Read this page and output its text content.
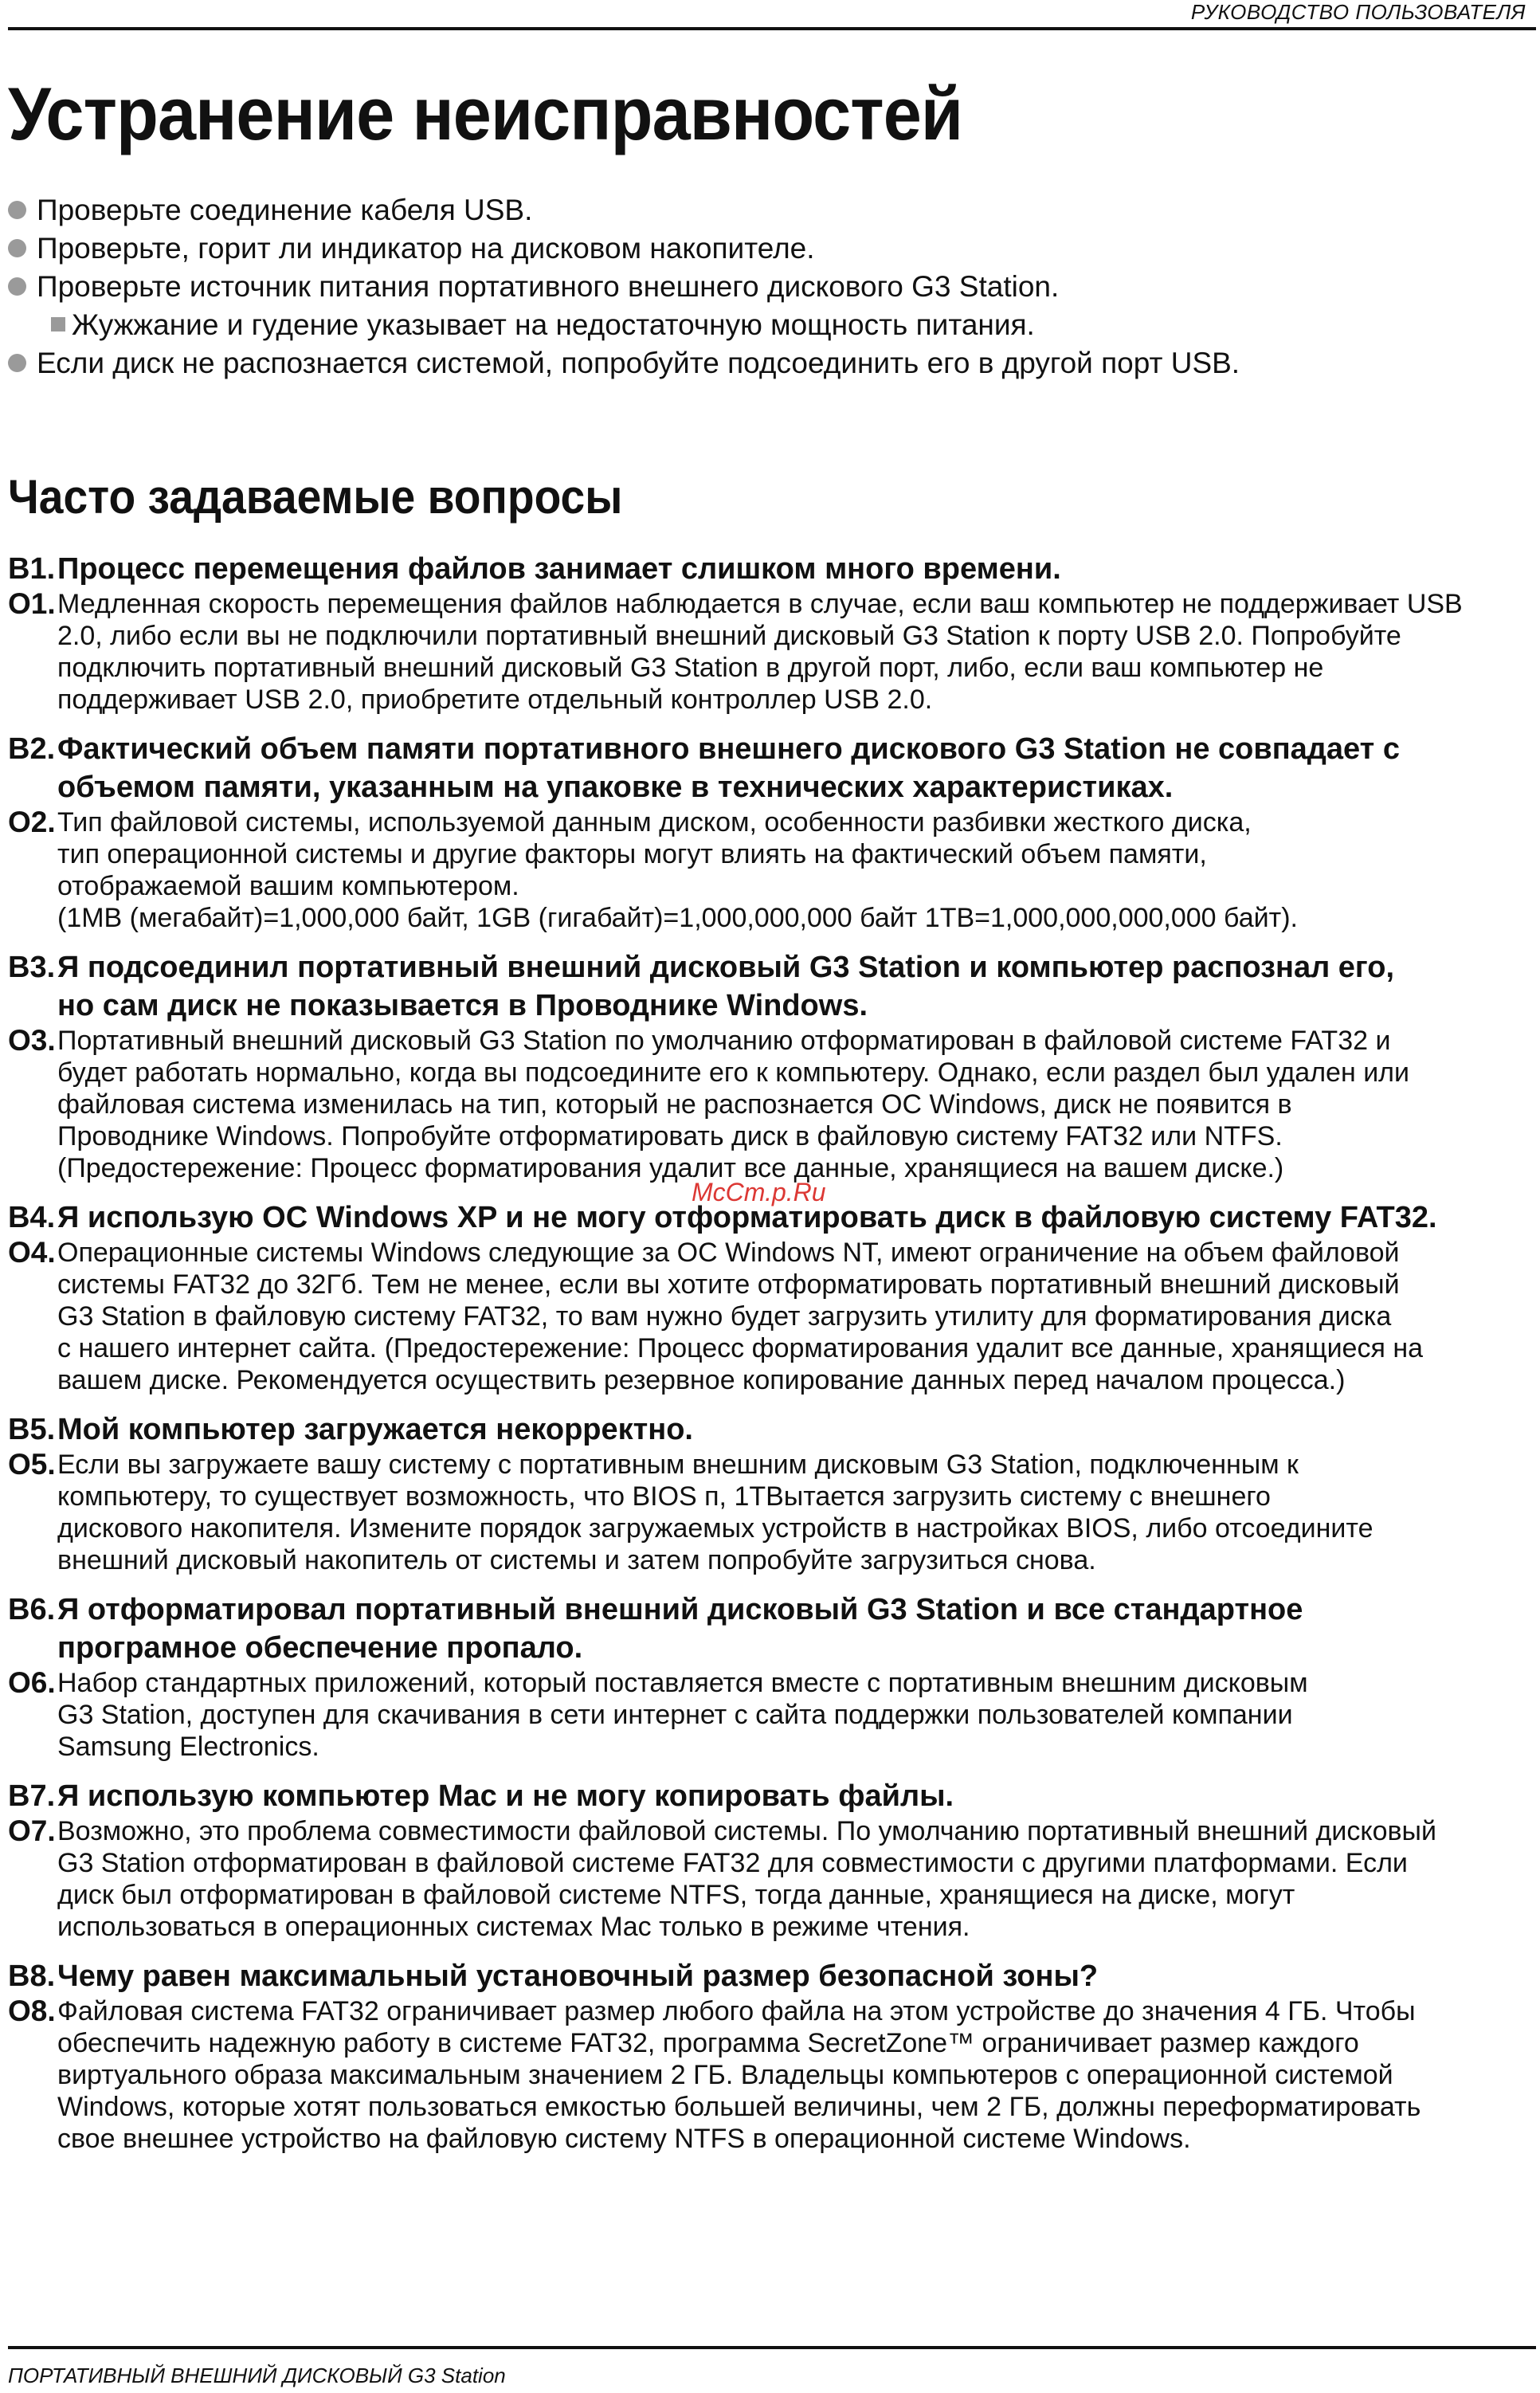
РУКОВОДСТВО ПОЛЬЗОВАТЕЛЯ
Устранение неисправностей
Проверьте соединение кабеля USB.
Проверьте, горит ли индикатор на дисковом накопителе.
Проверьте источник питания портативного внешнего дискового G3 Station.
Жужжание и гудение указывает на недостаточную мощность питания.
Если диск не распознается системой, попробуйте подсоединить его в другой порт USB.
Часто задаваемые вопросы
В1. Процесс перемещения файлов занимает слишком много времени.
О1. Медленная скорость перемещения файлов наблюдается в случае, если ваш компьютер не поддерживает USB
2.0, либо если вы не подключили портативный внешний дисковый G3 Station к порту USB 2.0. Попробуйте
подключить портативный внешний дисковый G3 Station в другой порт, либо, если ваш компьютер не
поддерживает USB 2.0, приобретите отдельный контроллер USB 2.0.
В2. Фактический объем памяти портативного внешнего дискового G3 Station не совпадает с
объемом памяти, указанным на упаковке в технических характеристиках.
О2. Тип файловой системы, используемой данным диском, особенности разбивки жесткого диска,
тип операционной системы и другие факторы могут влиять на фактический объем памяти,
отображаемой вашим компьютером.
(1MB (мегабайт)=1,000,000 байт, 1GB (гигабайт)=1,000,000,000 байт 1TB=1,000,000,000,000 байт).
В3. Я подсоединил портативный внешний дисковый G3 Station и компьютер распознал его,
но сам диск не показывается в Проводнике Windows.
О3. Портативный внешний дисковый G3 Station по умолчанию отформатирован в файловой системе FAT32 и
будет работать нормально, когда вы подсоедините его к компьютеру. Однако, если раздел был удален или
файловая система изменилась на тип, который не распознается ОС Windows, диск не появится в
Проводнике Windows. Попробуйте отформатировать диск в файловую систему FAT32 или NTFS.
(Предостережение: Процесс форматирования удалит все данные, хранящиеся на вашем диске.)
В4. Я использую ОС Windows XP и не могу отформатировать диск в файловую систему FAT32.
О4. Операционные системы Windows следующие за ОС Windows NT, имеют ограничение на объем файловой
системы FAT32 до 32Гб. Тем не менее, если вы хотите отформатировать портативный внешний дисковый
G3 Station в файловую систему FAT32, то вам нужно будет загрузить утилиту для форматирования диска
с нашего интернет сайта. (Предостережение: Процесс форматирования удалит все данные, хранящиеся на
вашем диске. Рекомендуется осуществить резервное копирование данных перед началом процесса.)
В5. Мой компьютер загружается некорректно.
О5. Если вы загружаете вашу систему с портативным внешним дисковым G3 Station, подключенным к
компьютеру, то существует возможность, что BIOS п, 1TBытается загрузить систему с внешнего
дискового накопителя. Измените порядок загружаемых устройств в настройках BIOS, либо отсоедините
внешний дисковый накопитель от системы и затем попробуйте загрузиться снова.
В6. Я отформатировал портативный внешний дисковый G3 Station и все стандартное
програмное обеспечение пропало.
О6. Набор стандартных приложений, который поставляется вместе с портативным внешним дисковым
G3 Station, доступен для скачивания в сети интернет с сайта поддержки пользователей компании
Samsung Electronics.
В7. Я использую компьютер Mac и не могу копировать файлы.
О7. Возможно, это проблема совместимости файловой системы. По умолчанию портативный внешний дисковый
G3 Station отформатирован в файловой системе FAT32 для совместимости с другими платформами. Если
диск был отформатирован в файловой системе NTFS, тогда данные, хранящиеся на диске, могут
использоваться в операционных системах Mac только в режиме чтения.
В8. Чему равен максимальный установочный размер безопасной зоны?
О8. Файловая система FAT32 ограничивает размер любого файла на этом устройстве до значения 4 ГБ. Чтобы
обеспечить надежную работу в системе FAT32, программа SecretZone™ ограничивает размер каждого
виртуального образа максимальным значением 2 ГБ. Владельцы компьютеров с операционной системой
Windows, которые хотят пользоваться емкостью большей величины, чем 2 ГБ, должны переформатировать
свое внешнее устройство на файловую систему NTFS в операционной системе Windows.
МсСт.р.Ru
ПОРТАТИВНЫЙ ВНЕШНИЙ ДИСКОВЫЙ G3 Station
